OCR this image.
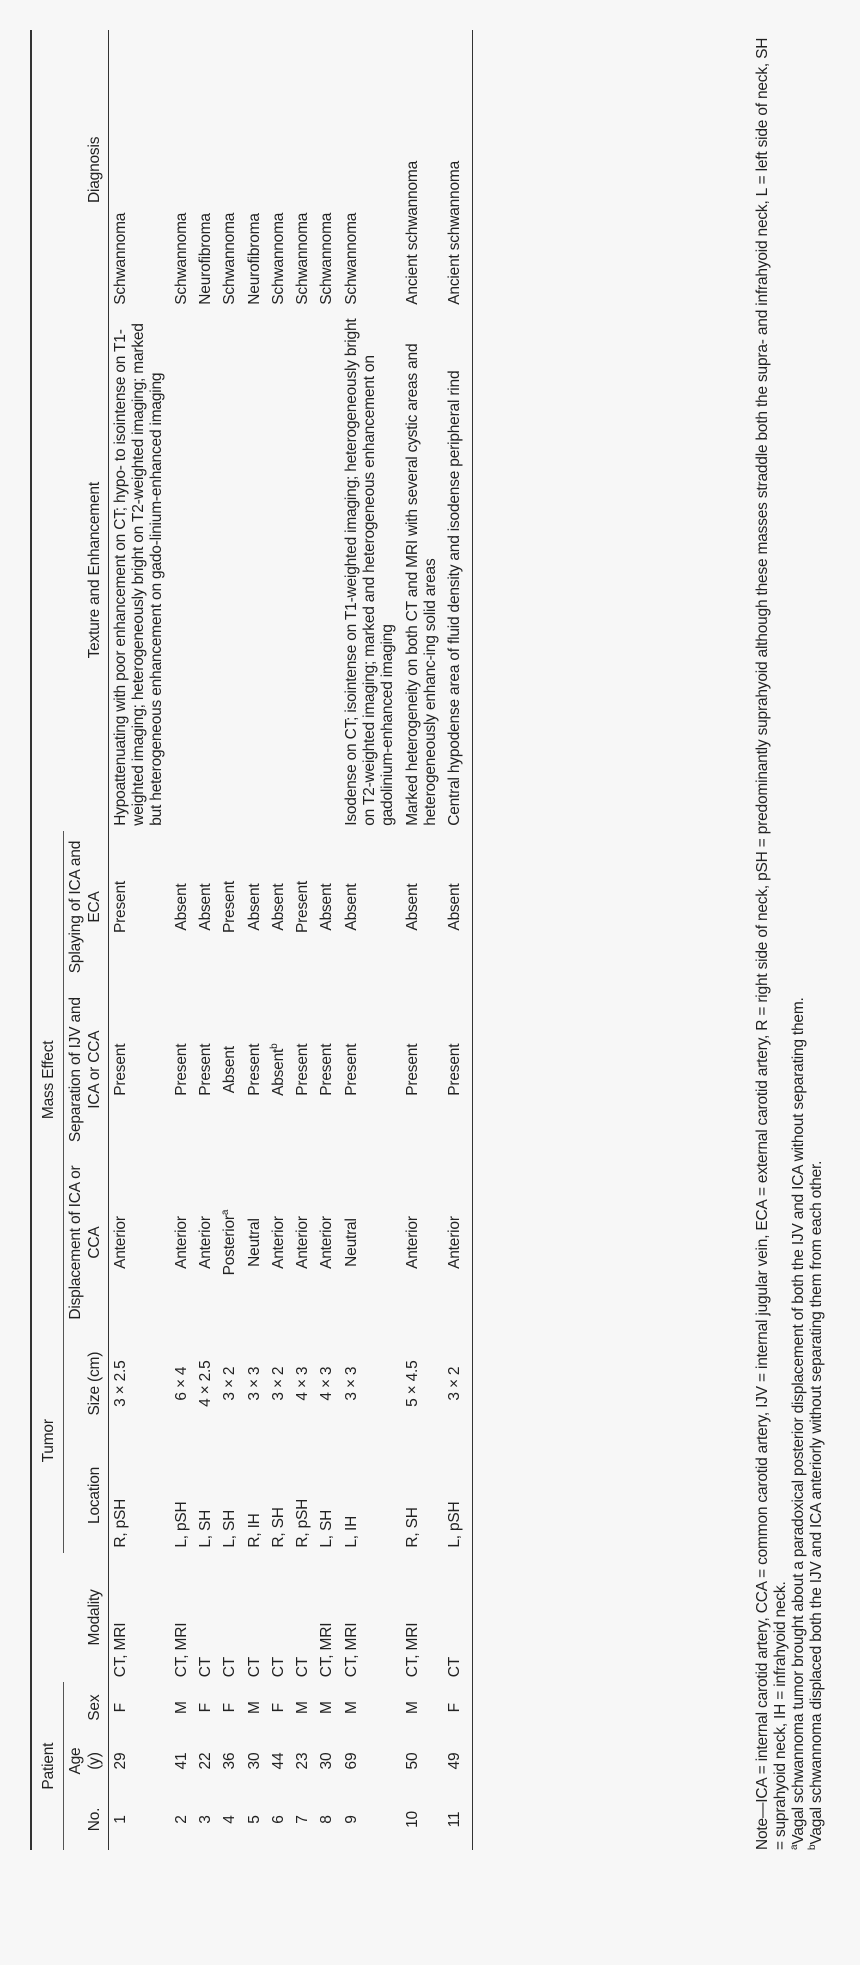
Patient				Tumor		Mass Effect				
No.	Age (y)	Sex	Modality	Location	Size (cm)	Displacement of ICA or CCA	Separation of IJV and ICA or CCA	Splaying of ICA and ECA	Texture and Enhancement	Diagnosis
1	29	F	CT, MRI	R, pSH	3 × 2.5	Anterior	Present	Present	Hypoattenuating with poor enhancement on CT; hypo- to isointense on T1-weighted imaging; heterogeneously bright on T2-weighted imaging; marked but heterogeneous enhancement on gado-linium-enhanced imaging	Schwannoma
2	41	M	CT, MRI	L, pSH	6 × 4	Anterior	Present	Absent		Schwannoma
3	22	F	CT	L, SH	4 × 2.5	Anterior	Present	Absent		Neurofibroma
4	36	F	CT	L, SH	3 × 2	Posterior$^a$	Absent	Present		Schwannoma
5	30	M	CT	R, IH	3 × 3	Neutral	Present	Absent		Neurofibroma
6	44	F	CT	R, SH	3 × 2	Anterior	Absent$^b$	Absent		Schwannoma
7	23	M	CT	R, pSH	4 × 3	Anterior	Present	Present		Schwannoma
8	30	M	CT, MRI	L, SH	4 × 3	Anterior	Present	Absent		Schwannoma
9	69	M	CT, MRI	L, IH	3 × 3	Neutral	Present	Absent	Isodense on CT; isointense on T1-weighted imaging; heterogeneously bright on T2-weighted imaging; marked and heterogeneous enhancement on gadolinium-enhanced imaging	Schwannoma
10	50	M	CT, MRI	R, SH	5 × 4.5	Anterior	Present	Absent	Marked heterogeneity on both CT and MRI with several cystic areas and heterogeneously enhanc-ing solid areas	Ancient schwannoma
11	49	F	CT	L, pSH	3 × 2	Anterior	Present	Absent	Central hypodense area of fluid density and isodense peripheral rind	Ancient schwannoma	Note—ICA = internal carotid artery, CCA = common carotid artery, IJV = internal jugular vein, ECA = external carotid artery, R = right side of neck, pSH = predominantly suprahyoid although these masses straddle both the supra- and infrahyoid neck, L = left side of neck, SH = suprahyoid neck, IH = infrahyoid neck. $^a$Vagal schwannoma tumor brought about a paradoxical posterior displacement of both the IJV and ICA without separating them.

$^b$Vagal schwannoma displaced both the IJV and ICA anteriorly without separating them from each other.
